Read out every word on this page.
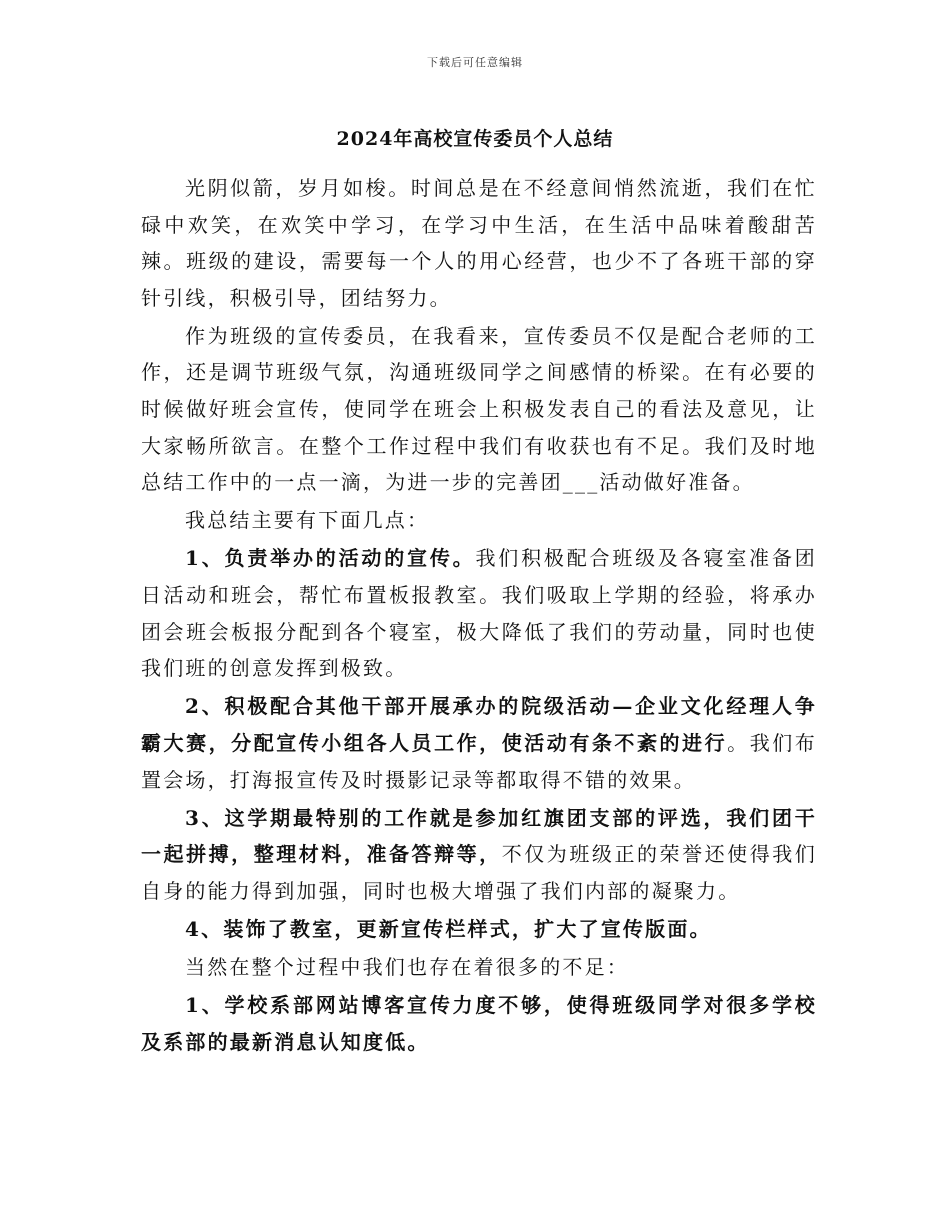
下载后可任意编辑
2024年高校宣传委员个人总结

光阴似箭，岁月如梭。时间总是在不经意间悄然流逝，我们在忙碌中欢笑，在欢笑中学习，在学习中生活，在生活中品味着酸甜苦辣。班级的建设，需要每一个人的用心经营，也少不了各班干部的穿针引线，积极引导，团结努力。

作为班级的宣传委员，在我看来，宣传委员不仅是配合老师的工作，还是调节班级气氛，沟通班级同学之间感情的桥梁。在有必要的时候做好班会宣传，使同学在班会上积极发表自己的看法及意见，让大家畅所欲言。在整个工作过程中我们有收获也有不足。我们及时地总结工作中的一点一滴，为进一步的完善团___活动做好准备。

我总结主要有下面几点：

1、负责举办的活动的宣传。我们积极配合班级及各寝室准备团日活动和班会，帮忙布置板报教室。我们吸取上学期的经验，将承办团会班会板报分配到各个寝室，极大降低了我们的劳动量，同时也使我们班的创意发挥到极致。

2、积极配合其他干部开展承办的院级活动—企业文化经理人争霸大赛，分配宣传小组各人员工作，使活动有条不紊的进行。我们布置会场，打海报宣传及时摄影记录等都取得不错的效果。

3、这学期最特别的工作就是参加红旗团支部的评选，我们团干一起拼搏，整理材料，准备答辩等，不仅为班级正的荣誉还使得我们自身的能力得到加强，同时也极大增强了我们内部的凝聚力。

4、装饰了教室，更新宣传栏样式，扩大了宣传版面。

当然在整个过程中我们也存在着很多的不足：

1、学校系部网站博客宣传力度不够，使得班级同学对很多学校及系部的最新消息认知度低。
